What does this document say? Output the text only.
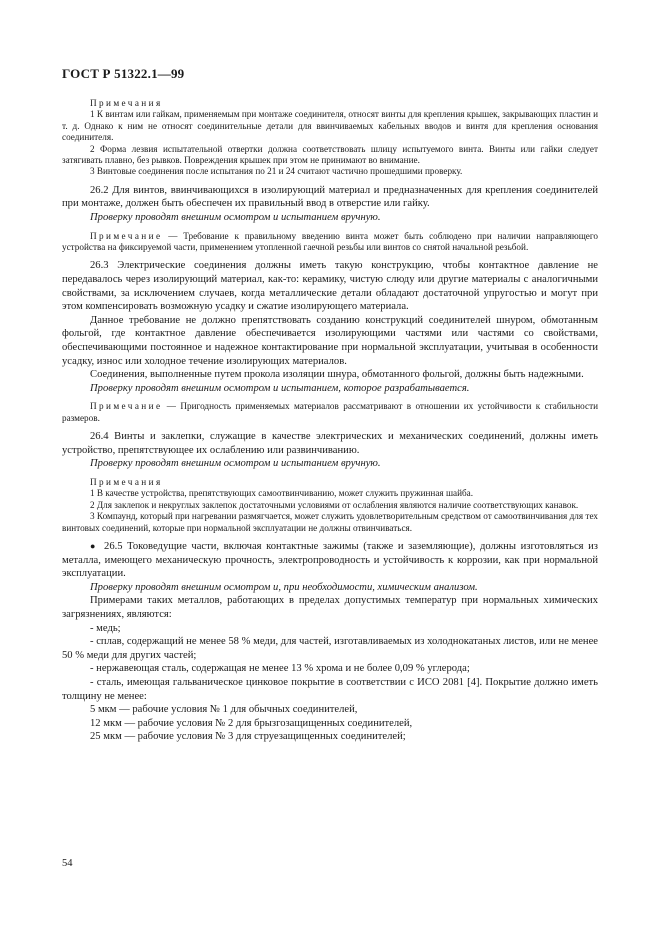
ГОСТ Р 51322.1—99

Примечания

1 К винтам или гайкам, применяемым при монтаже соединителя, относят винты для крепления крышек, закрывающих пластин и т. д. Однако к ним не относят соединительные детали для ввинчиваемых кабельных вводов и винтя для крепления основания соединителя.

2 Форма лезвия испытательной отвертки должна соответствовать шлицу испытуемого винта. Винты или гайки следует затягивать плавно, без рывков. Повреждения крышек при этом не принимают во внимание.

3 Винтовые соединения после испытания по 21 и 24 считают частично прошедшими проверку.

26.2 Для винтов, ввинчивающихся в изолирующий материал и предназначенных для крепления соединителей при монтаже, должен быть обеспечен их правильный ввод в отверстие или гайку.

Проверку проводят внешним осмотром и испытанием вручную.

Примечание — Требование к правильному введению винта может быть соблюдено при наличии направляющего устройства на фиксируемой части, применением утопленной гаечной резьбы или винтов со снятой начальной резьбой.

26.3 Электрические соединения должны иметь такую конструкцию, чтобы контактное давление не передавалось через изолирующий материал, как-то: керамику, чистую слюду или другие материалы с аналогичными свойствами, за исключением случаев, когда металлические детали обладают достаточной упругостью и могут при этом компенсировать возможную усадку и сжатие изолирующего материала.

Данное требование не должно препятствовать созданию конструкций соединителей шнуром, обмотанным фольгой, где контактное давление обеспечивается изолирующими частями или частями со свойствами, обеспечивающими постоянное и надежное контактирование при нормальной эксплуатации, учитывая в особенности усадку, износ или холодное течение изолирующих материалов.

Соединения, выполненные путем прокола изоляции шнура, обмотанного фольгой, должны быть надежными.

Проверку проводят внешним осмотром и испытанием, которое разрабатывается.

Примечание — Пригодность применяемых материалов рассматривают в отношении их устойчивости к стабильности размеров.

26.4 Винты и заклепки, служащие в качестве электрических и механических соединений, должны иметь устройство, препятствующее их ослаблению или развинчиванию.

Проверку проводят внешним осмотром и испытанием вручную.

Примечания

1 В качестве устройства, препятствующих самоотвинчиванию, может служить пружинная шайба.

2 Для заклепок и некруглых заклепок достаточными условиями от ослабления являются наличие соответствующих канавок.

3 Компаунд, который при нагревании размягчается, может служить удовлетворительным средством от самоотвинчивания для тех винтовых соединений, которые при нормальной эксплуатации не должны отвинчиваться.

● 26.5 Токоведущие части, включая контактные зажимы (также и заземляющие), должны изготовляться из металла, имеющего механическую прочность, электропроводность и устойчивость к коррозии, как при нормальной эксплуатации.

Проверку проводят внешним осмотром и, при необходимости, химическим анализом.

Примерами таких металлов, работающих в пределах допустимых температур при нормальных химических загрязнениях, являются:

- медь;

- сплав, содержащий не менее 58 % меди, для частей, изготавливаемых из холоднокатаных листов, или не менее 50 % меди для других частей;

- нержавеющая сталь, содержащая не менее 13 % хрома и не более 0,09 % углерода;

- сталь, имеющая гальваническое цинковое покрытие в соответствии с ИСО 2081 [4]. Покрытие должно иметь толщину не менее:

5 мкм — рабочие условия № 1 для обычных соединителей,

12 мкм — рабочие условия № 2 для брызгозащищенных соединителей,

25 мкм — рабочие условия № 3 для струезащищенных соединителей;

54
